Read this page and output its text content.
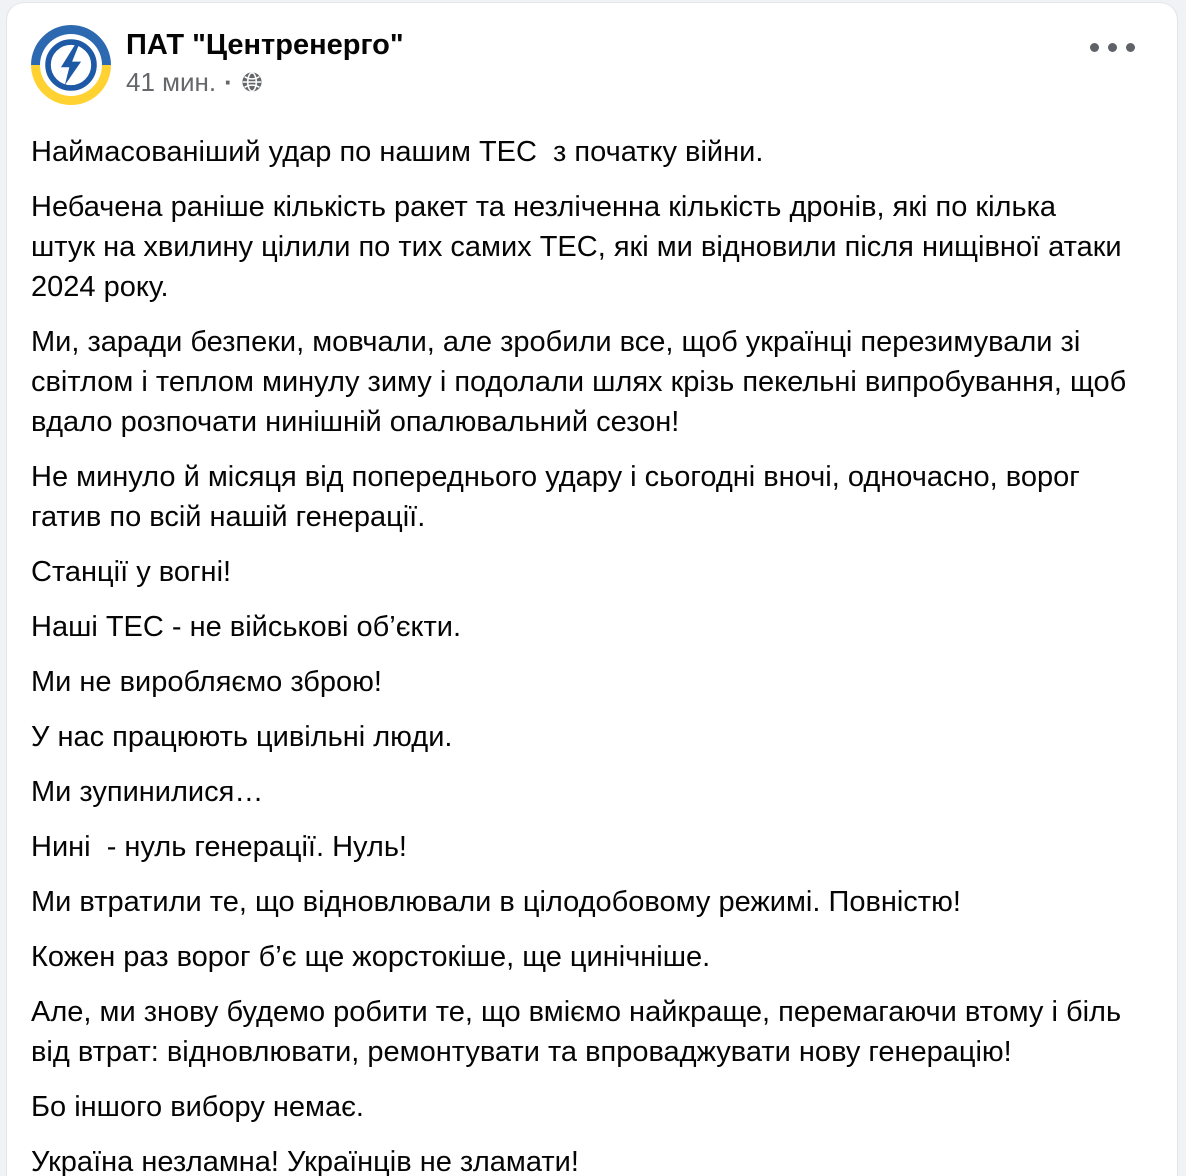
ПАТ "Центренерго"
41 мин. ·

Наймасованіший удар по нашим ТЕС  з початку війни.

Небачена раніше кількість ракет та незліченна кількість дронів, які по кілька штук на хвилину цілили по тих самих ТЕС, які ми відновили після нищівної атаки 2024 року.

Ми, заради безпеки, мовчали, але зробили все, щоб українці перезимували зі світлом і теплом минулу зиму і подолали шлях крізь пекельні випробування, щоб вдало розпочати нинішній опалювальний сезон!

Не минуло й місяця від попереднього удару і сьогодні вночі, одночасно, ворог гатив по всій нашій генерації.

Станції у вогні!

Наші ТЕС - не військові об’єкти.

Ми не виробляємо зброю!

У нас працюють цивільні люди.

Ми зупинилися…

Нині  - нуль генерації. Нуль!

Ми втратили те, що відновлювали в цілодобовому режимі. Повністю!

Кожен раз ворог б’є ще жорстокіше, ще цинічніше.

Але, ми знову будемо робити те, що вміємо найкраще, перемагаючи втому і біль від втрат: відновлювати, ремонтувати та впроваджувати нову генерацію!

Бо іншого вибору немає.

Україна незламна! Українців не зламати!
